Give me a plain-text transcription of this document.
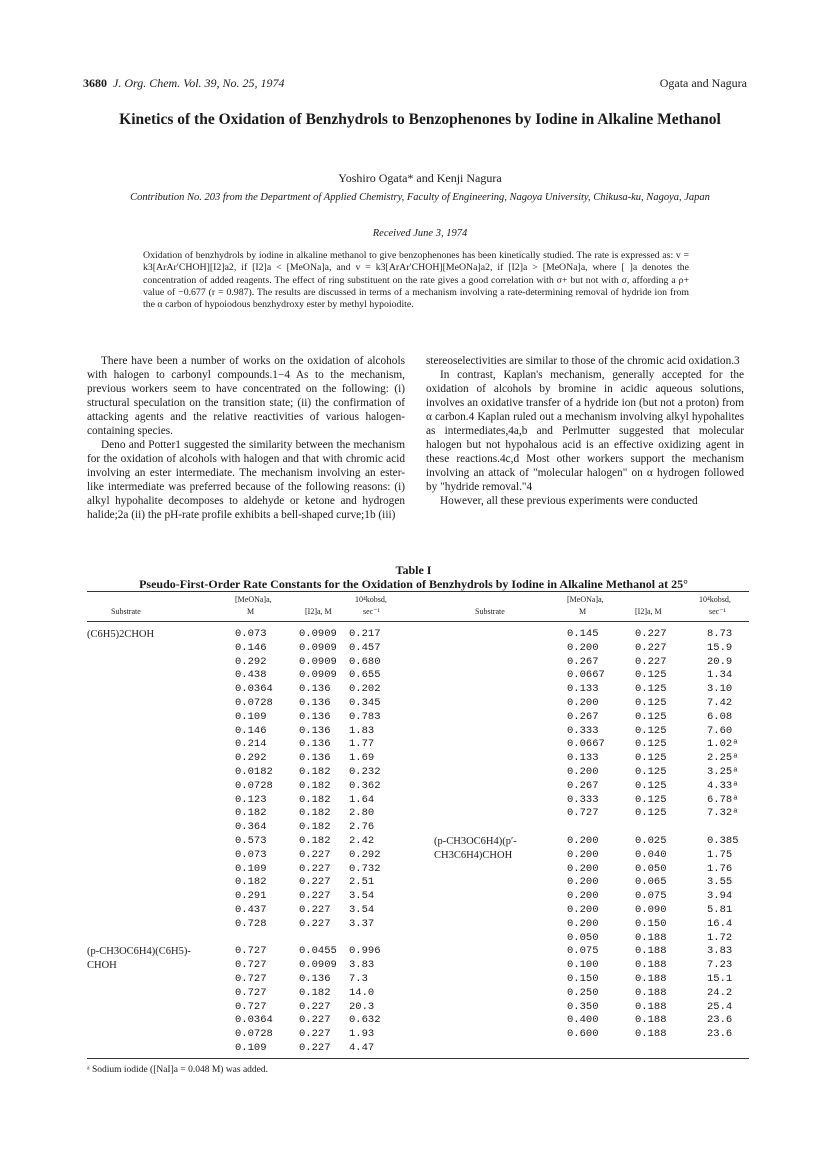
3680 J. Org. Chem. Vol. 39, No. 25, 1974	Ogata and Nagura
Kinetics of the Oxidation of Benzhydrols to Benzophenones by Iodine in Alkaline Methanol
Yoshiro Ogata* and Kenji Nagura
Contribution No. 203 from the Department of Applied Chemistry, Faculty of Engineering, Nagoya University, Chikusa-ku, Nagoya, Japan
Received June 3, 1974

Oxidation of benzhydrols by iodine in alkaline methanol to give benzophenones has been kinetically studied. The rate is expressed as: v = k3[ArAr′CHOH][I2]a2, if [I2]a < [MeONa]a, and v = k3[ArAr′CHOH][MeONa]a2, if [I2]a > [MeONa]a, where [ ]a denotes the concentration of added reagents. The effect of ring substituent on the rate gives a good correlation with σ+ but not with σ, affording a ρ+ value of −0.677 (r = 0.987). The results are discussed in terms of a mechanism involving a rate-determining removal of hydride ion from the α carbon of hypoiodous benzhydroxy ester by methyl hypoiodite.

There have been a number of works on the oxidation of alcohols with halogen to carbonyl compounds.1−4 As to the mechanism, previous workers seem to have concentrated on the following: (i) structural speculation on the transition state; (ii) the confirmation of attacking agents and the relative reactivities of various halogen-containing species.

Deno and Potter1 suggested the similarity between the mechanism for the oxidation of alcohols with halogen and that with chromic acid involving an ester intermediate. The mechanism involving an ester-like intermediate was preferred because of the following reasons: (i) alkyl hypohalite decomposes to aldehyde or ketone and hydrogen halide;2a (ii) the pH-rate profile exhibits a bell-shaped curve;1b (iii)

stereoselectivities are similar to those of the chromic acid oxidation.3

In contrast, Kaplan's mechanism, generally accepted for the oxidation of alcohols by bromine in acidic aqueous solutions, involves an oxidative transfer of a hydride ion (but not a proton) from α carbon.4 Kaplan ruled out a mechanism involving alkyl hypohalites as intermediates,4a,b and Perlmutter suggested that molecular halogen but not hypohalous acid is an effective oxidizing agent in these reactions.4c,d Most other workers support the mechanism involving an attack of "molecular halogen" on α hydrogen followed by "hydride removal."4

However, all these previous experiments were conducted

Table I
Pseudo-First-Order Rate Constants for the Oxidation of Benzhydrols by Iodine in Alkaline Methanol at 25°
Substrate
[MeONa]a,
M	[I2]a, M
10⁴kobsd,
sec⁻¹	Substrate
[MeONa]a,
M	[I2]a, M
10⁴kobsd,
sec⁻¹
(C6H5)2CHOH	0.073	0.0909 0.217	0.145	0.227	8.73
0.146	0.0909 0.457	0.200	0.227	15.9
0.292	0.0909 0.680	0.267	0.227	20.9
0.438	0.0909 0.655	0.0667	0.125	1.34
0.0364 0.136 0.202	0.133	0.125	3.10
0.0728 0.136 0.345	0.200	0.125	7.42
0.109	0.136 0.783	0.267	0.125	6.08
0.146	0.136 1.83	0.333	0.125	7.60
0.214	0.136 1.77	0.0667	0.125	1.02ᵃ
0.292	0.136 1.69	0.133	0.125	2.25ᵃ
0.0182 0.182 0.232	0.200	0.125	3.25ᵃ
0.0728 0.182 0.362	0.267	0.125	4.33ᵃ
0.123	0.182 1.64	0.333	0.125	6.78ᵃ
0.182	0.182 2.80	0.727	0.125	7.32ᵃ
0.364	0.182 2.76
0.573	0.182 2.42	(p-CH3OC6H4)(p′-	0.200	0.025	0.385
0.073	0.227 0.292	CH3C6H4)CHOH	0.200	0.040	1.75
0.109	0.227 0.732	0.200	0.050	1.76
0.182	0.227 2.51	0.200	0.065	3.55
0.291	0.227 3.54	0.200	0.075	3.94
0.437	0.227 3.54	0.200	0.090	5.81
0.728	0.227 3.37	0.200	0.150	16.4
0.050	0.188	1.72
(p-CH3OC6H4)(C6H5)-	0.727	0.0455 0.996	0.075	0.188	3.83
CHOH	0.727	0.0909 3.83	0.100	0.188	7.23
0.727	0.136 7.3	0.150	0.188	15.1
0.727	0.182 14.0	0.250	0.188	24.2
0.727	0.227 20.3	0.350	0.188	25.4
0.0364 0.227 0.632	0.400	0.188	23.6
0.0728 0.227 1.93	0.600	0.188	23.6
0.109	0.227 4.47
ᵃ Sodium iodide ([NaI]a = 0.048 M) was added.
